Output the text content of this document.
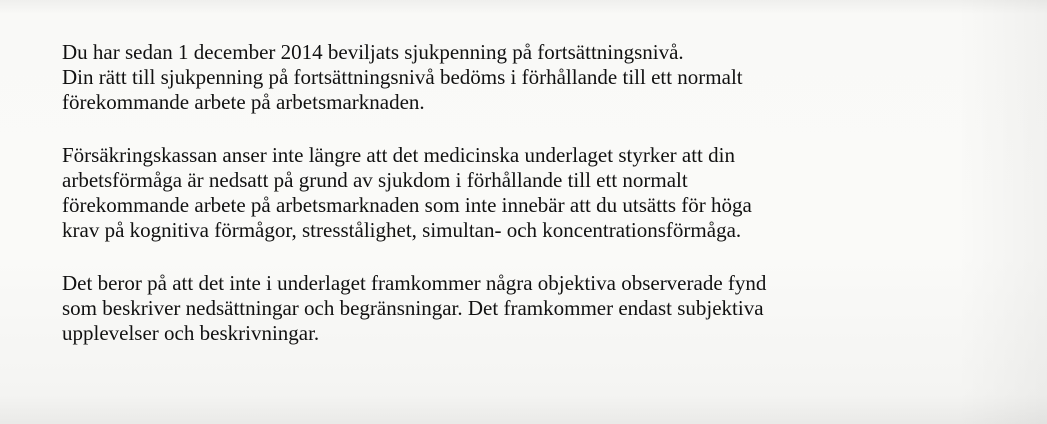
Du har sedan 1 december 2014 beviljats sjukpenning på fortsättningsnivå.
Din rätt till sjukpenning på fortsättningsnivå bedöms i förhållande till ett normalt
förekommande arbete på arbetsmarknaden.

Försäkringskassan anser inte längre att det medicinska underlaget styrker att din
arbetsförmåga är nedsatt på grund av sjukdom i förhållande till ett normalt
förekommande arbete på arbetsmarknaden som inte innebär att du utsätts för höga
krav på kognitiva förmågor, stresstålighet, simultan- och koncentrationsförmåga.

Det beror på att det inte i underlaget framkommer några objektiva observerade fynd
som beskriver nedsättningar och begränsningar. Det framkommer endast subjektiva
upplevelser och beskrivningar.
